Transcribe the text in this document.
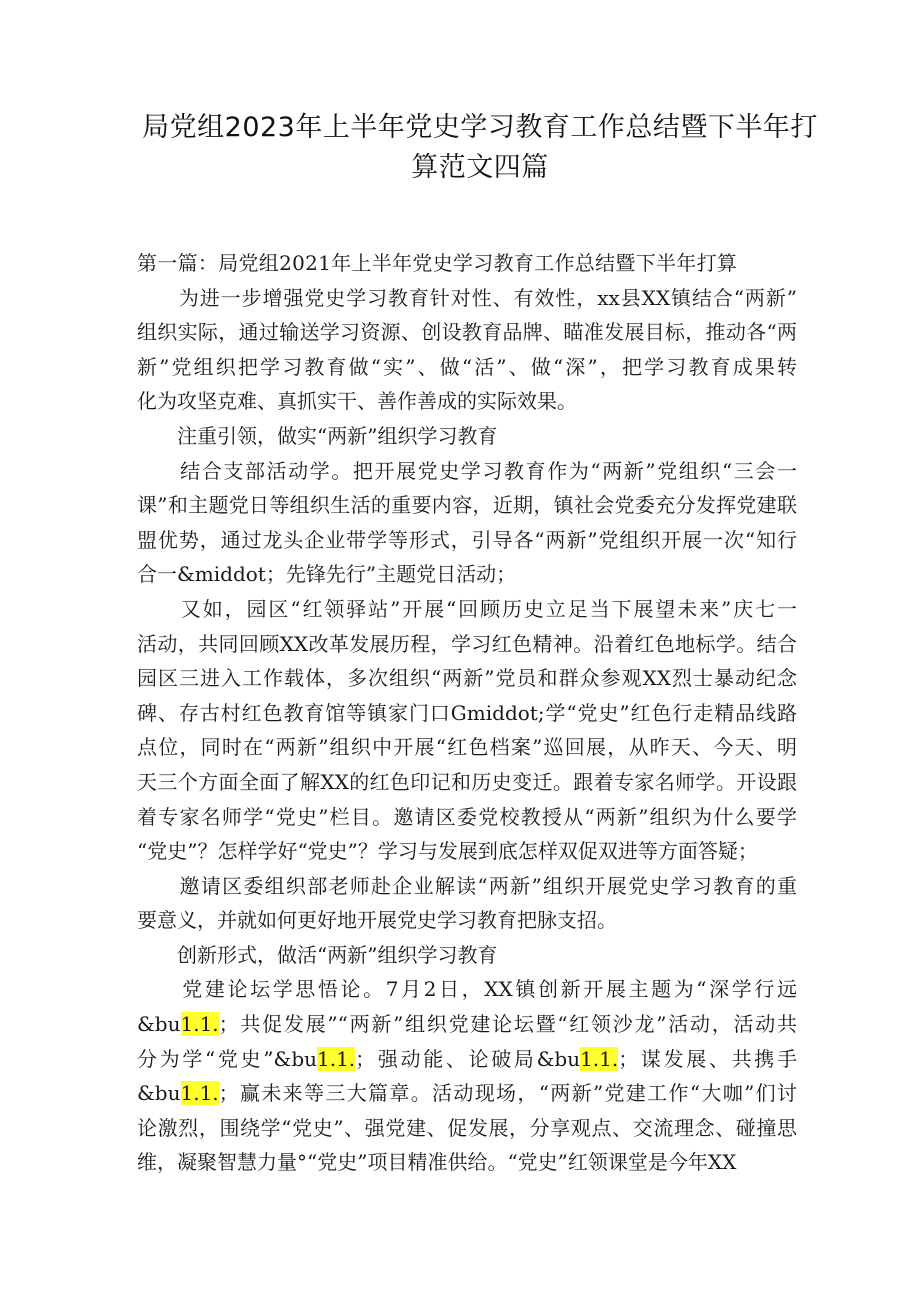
局党组2023年上半年党史学习教育工作总结暨下半年打
算范文四篇

第一篇：局党组2021年上半年党史学习教育工作总结暨下半年打算

　　为进一步增强党史学习教育针对性、有效性，xx县XX镇结合“两新”
组织实际，通过输送学习资源、创设教育品牌、瞄准发展目标，推动各“两
新”党组织把学习教育做“实”、做“活”、做“深”，把学习教育成果转
化为攻坚克难、真抓实干、善作善成的实际效果。

　　注重引领，做实“两新”组织学习教育

　　结合支部活动学。把开展党史学习教育作为“两新”党组织“三会一
课”和主题党日等组织生活的重要内容，近期，镇社会党委充分发挥党建联
盟优势，通过龙头企业带学等形式，引导各“两新”党组织开展一次“知行
合一&middot；先锋先行”主题党日活动；

　　又如，园区“红领驿站”开展“回顾历史立足当下展望未来”庆七一
活动，共同回顾XX改革发展历程，学习红色精神。沿着红色地标学。结合
园区三进入工作载体，多次组织“两新”党员和群众参观XX烈士暴动纪念
碑、存古村红色教育馆等镇家门口Gmiddot;学“党史”红色行走精品线路
点位，同时在“两新”组织中开展“红色档案”巡回展，从昨天、今天、明
天三个方面全面了解XX的红色印记和历史变迁。跟着专家名师学。开设跟
着专家名师学“党史”栏目。邀请区委党校教授从“两新”组织为什么要学
“党史”？怎样学好“党史”？学习与发展到底怎样双促双进等方面答疑；

　　邀请区委组织部老师赴企业解读“两新”组织开展党史学习教育的重
要意义，并就如何更好地开展党史学习教育把脉支招。

　　创新形式，做活“两新”组织学习教育

　　党建论坛学思悟论。7月2日，XX镇创新开展主题为“深学行远
&bu1.1.；共促发展”“两新”组织党建论坛暨“红领沙龙”活动，活动共
分为学“党史”&bu1.1.；强动能、论破局&bu1.1.；谋发展、共携手
&bu1.1.；赢未来等三大篇章。活动现场，“两新”党建工作“大咖”们讨
论激烈，围绕学“党史”、强党建、促发展，分享观点、交流理念、碰撞思
维，凝聚智慧力量°“党史”项目精准供给。“党史”红领课堂是今年XX
